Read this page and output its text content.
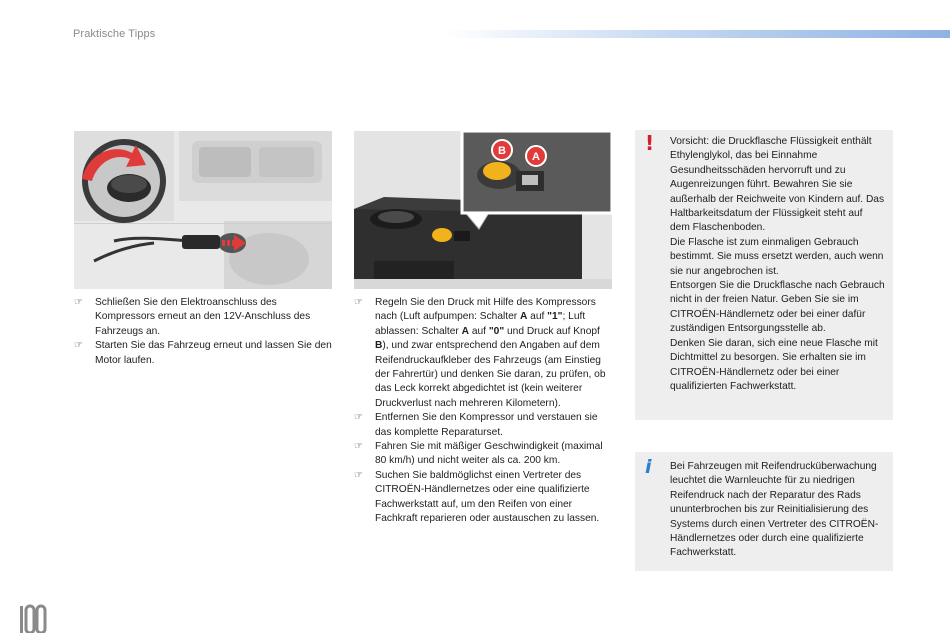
Praktische Tipps
B A
☞	Schließen Sie den Elektroanschluss des Kompressors erneut an den 12V-Anschluss des Fahrzeugs an.
☞	Starten Sie das Fahrzeug erneut und lassen Sie den Motor laufen.
☞	Regeln Sie den Druck mit Hilfe des Kompressors nach (Luft aufpumpen: Schalter A auf "1"; Luft ablassen: Schalter A auf "0" und Druck auf Knopf B), und zwar entsprechend den Angaben auf dem Reifendruckaufkleber des Fahrzeugs (am Einstieg der Fahrertür) und denken Sie daran, zu prüfen, ob das Leck korrekt abgedichtet ist (kein weiterer Druckverlust nach mehreren Kilometern).
☞	Entfernen Sie den Kompressor und verstauen sie das komplette Reparaturset.
☞	Fahren Sie mit mäßiger Geschwindigkeit (maximal 80 km/h) und nicht weiter als ca. 200 km.
☞	Suchen Sie baldmöglichst einen Vertreter des CITROËN-Händlernetzes oder eine qualifizierte Fachwerkstatt auf, um den Reifen von einer Fachkraft reparieren oder austauschen zu lassen.
! Vorsicht: die Druckflasche Flüssigkeit enthält Ethylenglykol, das bei Einnahme Gesundheitsschäden hervorruft und zu Augenreizungen führt. Bewahren Sie sie außerhalb der Reichweite von Kindern auf. Das Haltbarkeitsdatum der Flüssigkeit steht auf dem Flaschenboden.

Die Flasche ist zum einmaligen Gebrauch bestimmt. Sie muss ersetzt werden, auch wenn sie nur angebrochen ist.

Entsorgen Sie die Druckflasche nach Gebrauch nicht in der freien Natur. Geben Sie sie im CITROËN-Händlernetz oder bei einer dafür zuständigen Entsorgungsstelle ab.

Denken Sie daran, sich eine neue Flasche mit Dichtmittel zu besorgen. Sie erhalten sie im CITROËN-Händlernetz oder bei einer qualifizierten Fachwerkstatt.

i Bei Fahrzeugen mit Reifendrucküberwachung leuchtet die Warnleuchte für zu niedrigen Reifendruck nach der Reparatur des Rads ununterbrochen bis zur Reinitialisierung des Systems durch einen Vertreter des CITROËN-Händlernetzes oder durch eine qualifizierte Fachwerkstatt.
